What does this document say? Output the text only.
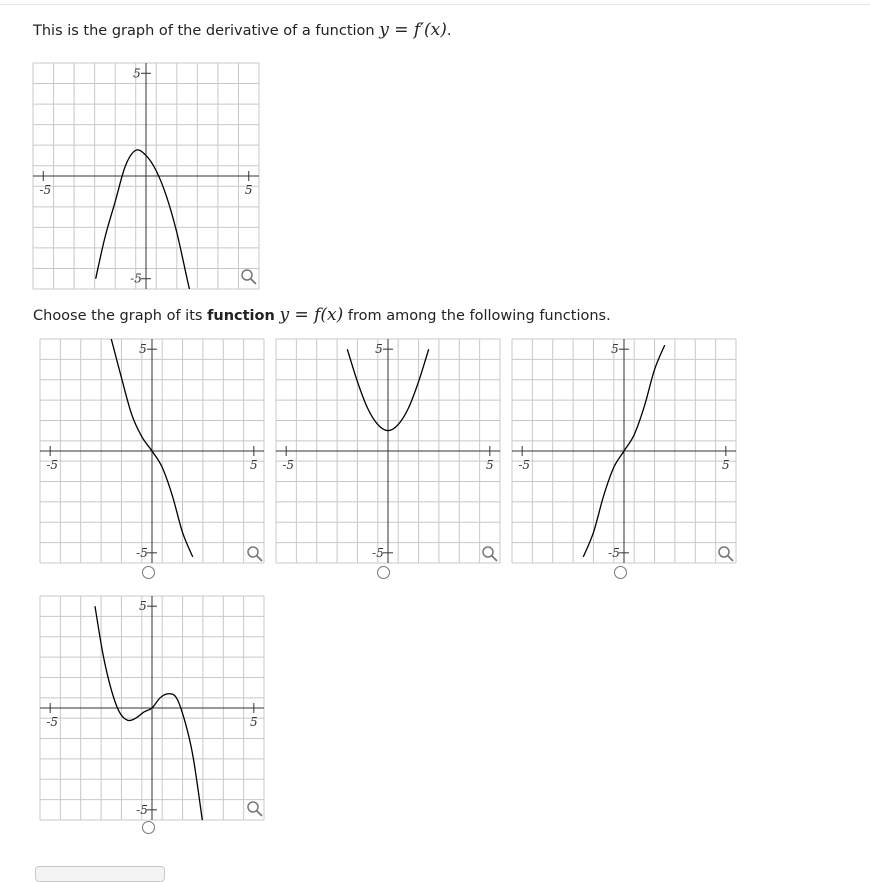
This is the graph of the derivative of a function y = f′(x).
-5	5
5
-5
Choose the graph of its function y = f(x) from among the following functions.
-5	5
5
-5
-5	5
5
-5
-5	5
5
-5
-5	5
5
-5
